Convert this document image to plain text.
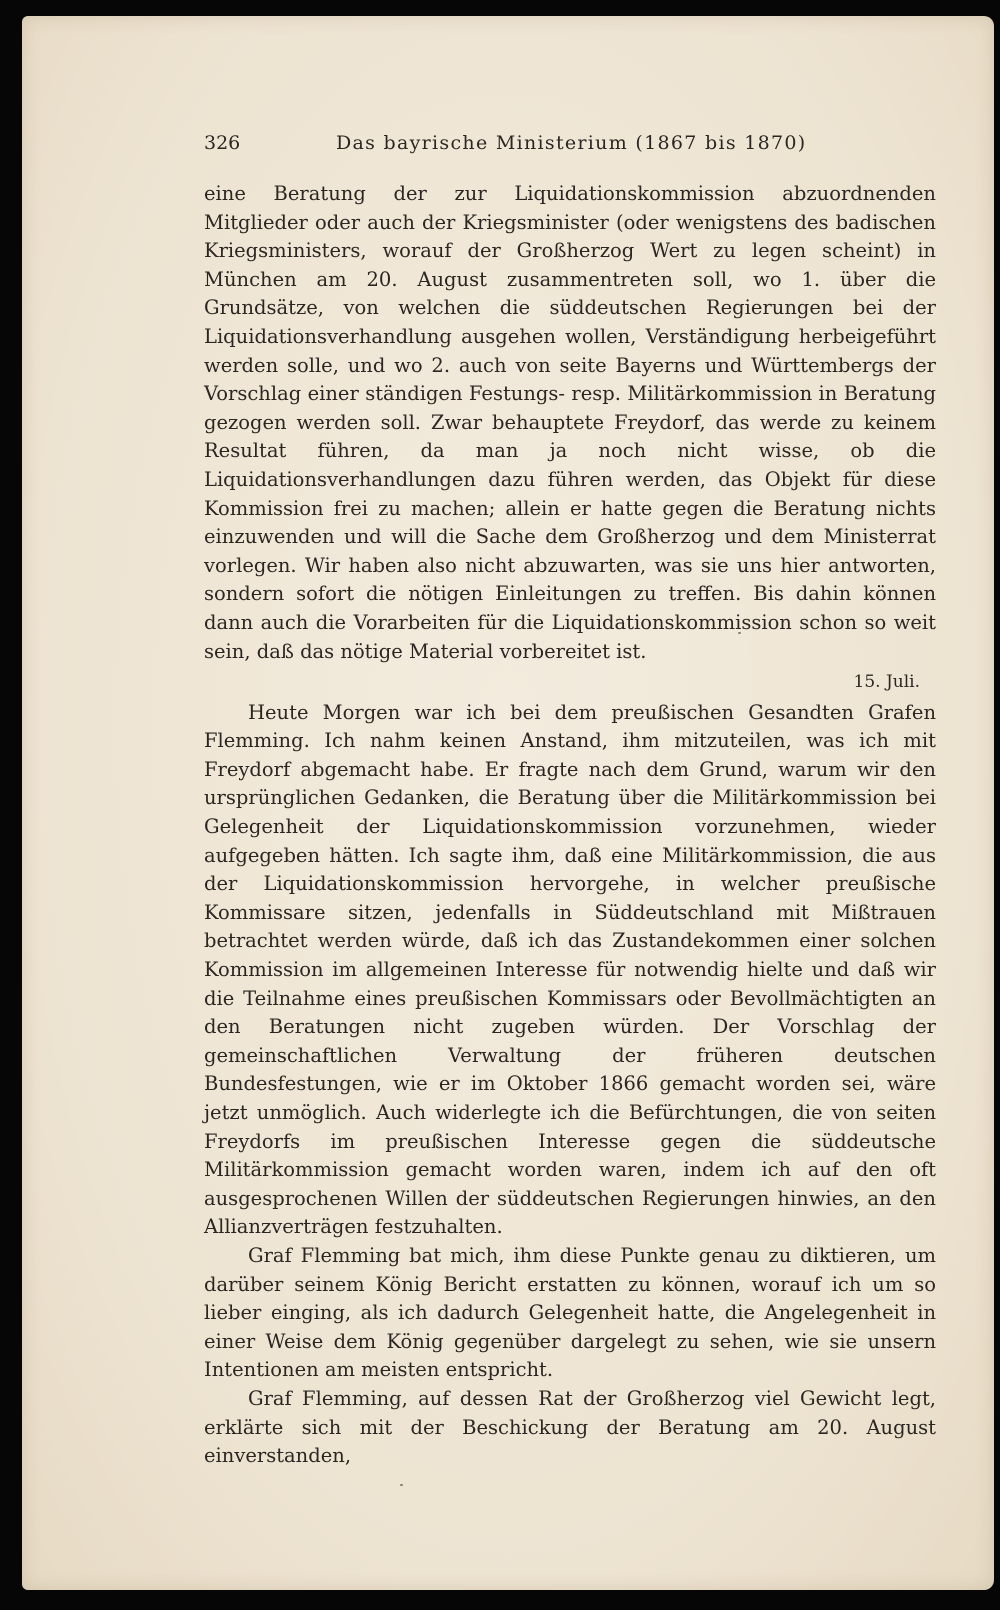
326	Das bayrische Ministerium (1867 bis 1870)

eine Beratung der zur Liquidationskommission abzuordnenden Mitglieder oder auch der Kriegsminister (oder wenigstens des badischen Kriegsministers, worauf der Großherzog Wert zu legen scheint) in München am 20. August zusammentreten soll, wo 1. über die Grundsätze, von welchen die süddeutschen Regierungen bei der Liquidationsverhandlung ausgehen wollen, Verständigung herbeigeführt werden solle, und wo 2. auch von seite Bayerns und Württembergs der Vorschlag einer ständigen Festungs- resp. Militärkommission in Beratung gezogen werden soll. Zwar behauptete Freydorf, das werde zu keinem Resultat führen, da man ja noch nicht wisse, ob die Liquidationsverhandlungen dazu führen werden, das Objekt für diese Kommission frei zu machen; allein er hatte gegen die Beratung nichts einzuwenden und will die Sache dem Großherzog und dem Ministerrat vorlegen. Wir haben also nicht abzuwarten, was sie uns hier antworten, sondern sofort die nötigen Einleitungen zu treffen. Bis dahin können dann auch die Vorarbeiten für die Liquidationskommission schon so weit sein, daß das nötige Material vorbereitet ist.

15. Juli.

Heute Morgen war ich bei dem preußischen Gesandten Grafen Flemming. Ich nahm keinen Anstand, ihm mitzuteilen, was ich mit Freydorf abgemacht habe. Er fragte nach dem Grund, warum wir den ursprünglichen Gedanken, die Beratung über die Militärkommission bei Gelegenheit der Liquidationskommission vorzunehmen, wieder aufgegeben hätten. Ich sagte ihm, daß eine Militärkommission, die aus der Liquidationskommission hervorgehe, in welcher preußische Kommissare sitzen, jedenfalls in Süddeutschland mit Mißtrauen betrachtet werden würde, daß ich das Zustandekommen einer solchen Kommission im allgemeinen Interesse für notwendig hielte und daß wir die Teilnahme eines preußischen Kommissars oder Bevollmächtigten an den Beratungen nicht zugeben würden. Der Vorschlag der gemeinschaftlichen Verwaltung der früheren deutschen Bundesfestungen, wie er im Oktober 1866 gemacht worden sei, wäre jetzt unmöglich. Auch widerlegte ich die Befürchtungen, die von seiten Freydorfs im preußischen Interesse gegen die süddeutsche Militärkommission gemacht worden waren, indem ich auf den oft ausgesprochenen Willen der süddeutschen Regierungen hinwies, an den Allianzverträgen festzuhalten.

Graf Flemming bat mich, ihm diese Punkte genau zu diktieren, um darüber seinem König Bericht erstatten zu können, worauf ich um so lieber einging, als ich dadurch Gelegenheit hatte, die Angelegenheit in einer Weise dem König gegenüber dargelegt zu sehen, wie sie unsern Intentionen am meisten entspricht.

Graf Flemming, auf dessen Rat der Großherzog viel Gewicht legt, erklärte sich mit der Beschickung der Beratung am 20. August einverstanden,
